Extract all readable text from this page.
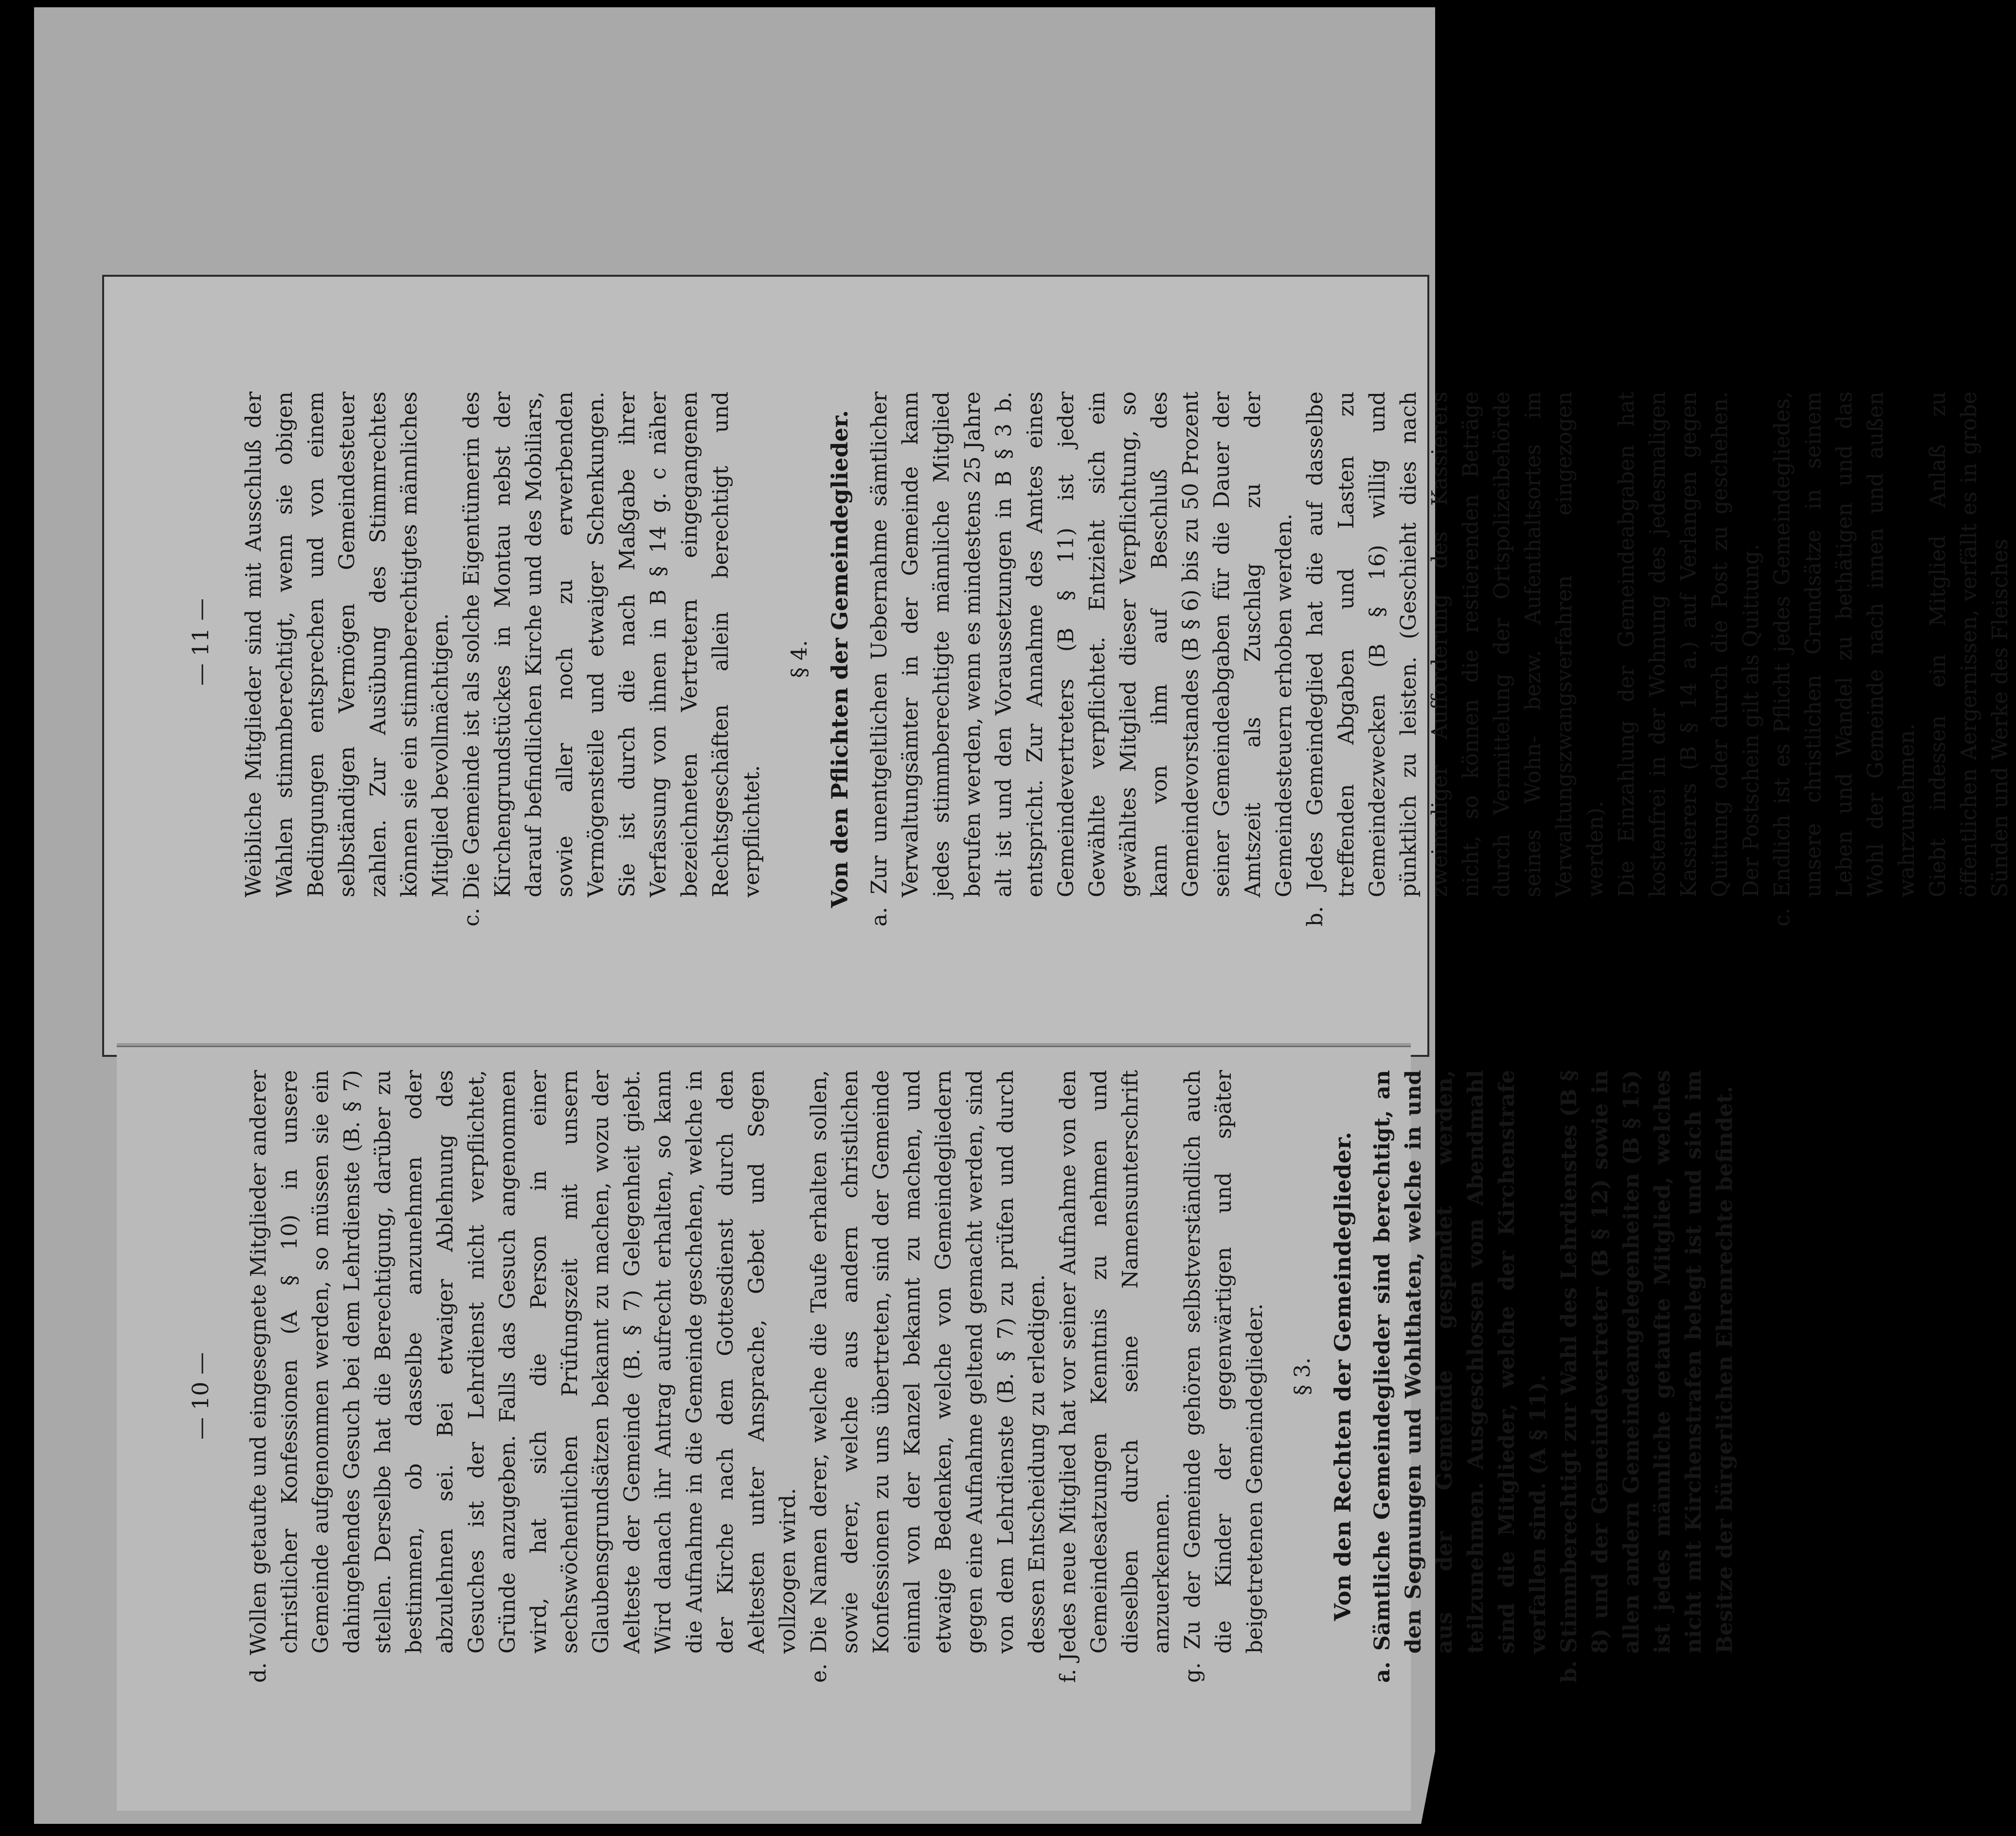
— 11 — Weibliche Mitglieder sind mit Ausschluß der Wahlen stimmberechtigt, wenn sie obigen Bedingungen entsprechen und von einem selbständigen Vermögen Gemeindesteuer zahlen. Zur Ausübung des Stimmrechtes können sie ein stimmberechtigtes männliches Mitglied bevollmächtigen. c. Die Gemeinde ist als solche Eigentümerin des Kirchengrundstückes in Montau nebst der darauf befindlichen Kirche und des Mobiliars, sowie aller noch zu erwerbenden Vermögensteile und etwaiger Schenkungen. Sie ist durch die nach Maßgabe ihrer Verfassung von ihnen in B § 14 g. c näher bezeichneten Vertretern eingegangenen Rechtsgeschäften allein berechtigt und verpflichtet.

§ 4. Von den Pflichten der Gemeindeglieder. a. Zur unentgeltlichen Uebernahme sämtlicher Verwaltungsämter in der Gemeinde kann jedes stimmberechtigte männliche Mitglied berufen werden, wenn es mindestens 25 Jahre alt ist und den Voraussetzungen in B § 3 b. entspricht. Zur Annahme des Amtes eines Gemeindevertreters (B § 11) ist jeder Gewählte verpflichtet. Entzieht sich ein gewähltes Mitglied dieser Verpflichtung, so kann von ihm auf Beschluß des Gemeindevorstandes (B § 6) bis zu 50 Prozent seiner Gemeindeabgaben für die Dauer der Amtszeit als Zuschlag zu der Gemeindesteuern erhoben werden. b. Jedes Gemeindeglied hat die auf dasselbe treffenden Abgaben und Lasten zu Gemeindezwecken (B § 16) willig und pünktlich zu leisten. (Geschieht dies nach zweimaliger Aufforderung des Kassierers nicht, so können die restierenden Beträge durch Vermittelung der Ortspolizeibehörde seines Wohn- bezw. Aufenthaltsortes im Verwaltungszwangsverfahren eingezogen werden). Die Einzahlung der Gemeindeabgaben hat kostenfrei in der Wohnung des jedesmaligen Kassierers (B § 14 a.) auf Verlangen gegen Quittung oder durch die Post zu geschehen. Der Postschein gilt als Quittung. c. Endlich ist es Pflicht jedes Gemeindegliedes, unsere christlichen Grundsätze in seinem Leben und Wandel zu bethätigen und das Wohl der Gemeinde nach innen und außen wahrzunehmen. Giebt indessen ein Mitglied Anlaß zu öffentlichen Aergernissen, verfällt es in grobe Sünden und Werke des Fleisches
— 10 — d. Wollen getaufte und eingesegnete Mitglieder anderer christlicher Konfessionen (A § 10) in unsere Gemeinde aufgenommen werden, so müssen sie ein dahingehendes Gesuch bei dem Lehrdienste (B. § 7) stellen. Derselbe hat die Berechtigung, darüber zu bestimmen, ob dasselbe anzunehmen oder abzulehnen sei. Bei etwaiger Ablehnung des Gesuches ist der Lehrdienst nicht verpflichtet, Gründe anzugeben. Falls das Gesuch angenommen wird, hat sich die Person in einer sechswöchentlichen Prüfungszeit mit unsern Glaubensgrundsätzen bekannt zu machen, wozu der Aelteste der Gemeinde (B. § 7) Gelegenheit giebt. Wird danach ihr Antrag aufrecht erhalten, so kann die Aufnahme in die Gemeinde geschehen, welche in der Kirche nach dem Gottesdienst durch den Aeltesten unter Ansprache, Gebet und Segen vollzogen wird. e. Die Namen derer, welche die Taufe erhalten sollen, sowie derer, welche aus andern christlichen Konfessionen zu uns übertreten, sind der Gemeinde einmal von der Kanzel bekannt zu machen, und etwaige Bedenken, welche von Gemeindegliedern gegen eine Aufnahme geltend gemacht werden, sind von dem Lehrdienste (B. § 7) zu prüfen und durch dessen Entscheidung zu erledigen. f. Jedes neue Mitglied hat vor seiner Aufnahme von den Gemeindesatzungen Kenntnis zu nehmen und dieselben durch seine Namensunterschrift anzuerkennen. g. Zu der Gemeinde gehören selbstverständlich auch die Kinder der gegenwärtigen und später beigetretenen Gemeindeglieder. § 3. Von den Rechten der Gemeindeglieder. a. Sämtliche Gemeindeglieder sind berechtigt, an den Segnungen und Wohlthaten, welche in und aus der Gemeinde gespendet werden, teilzunehmen. Ausgeschlossen vom Abendmahl sind die Mitglieder, welche der Kirchenstrafe verfallen sind. (A § 11). b. Stimmberechtigt zur Wahl des Lehrdienstes (B § 8) und der Gemeindevertreter (B § 12) sowie in allen andern Gemeindeangelegenheiten (B § 15) ist jedes männliche getaufte Mitglied, welches nicht mit Kirchenstrafen belegt ist und sich im Besitze der bürgerlichen Ehrenrechte befindet.
